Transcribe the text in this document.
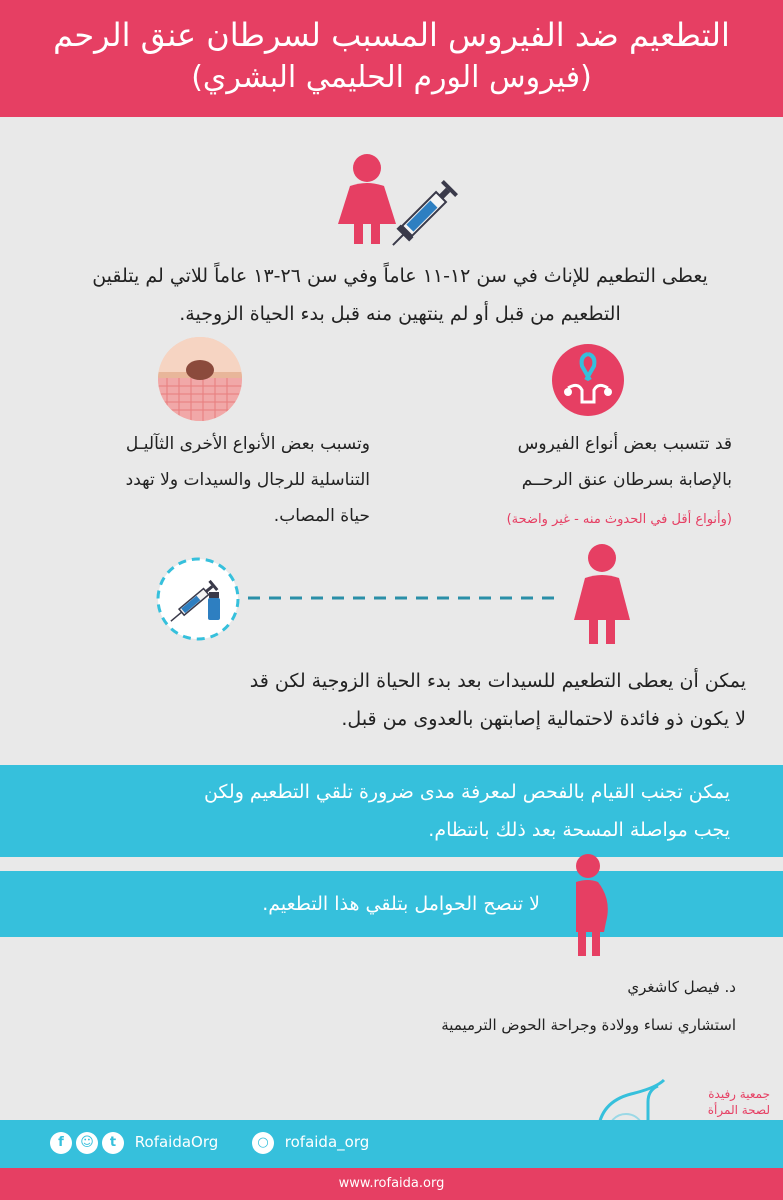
التطعيم ضد الفيروس المسبب لسرطان عنق الرحم
(فيروس الورم الحليمي البشري)
يعطى التطعيم للإناث في سن ١٢-١١ عاماً وفي سن ٢٦-١٣ عاماً للاتي لم يتلقين
التطعيم من قبل أو لم ينتهين منه قبل بدء الحياة الزوجية.
وتسبب بعض الأنواع الأخرى الثآليـل
التناسلية للرجال والسيدات ولا تهدد
حياة المصاب.
قد تتسبب بعض أنواع الفيروس
بالإصابة بسرطان عنق الرحــم
(وأنواع أقل في الحدوث منه - غير واضحة)
يمكن أن يعطى التطعيم للسيدات بعد بدء الحياة الزوجية لكن قد
لا يكون ذو فائدة لاحتمالية إصابتهن بالعدوى من قبل.
يمكن تجنب القيام بالفحص لمعرفة مدى ضرورة تلقي التطعيم ولكن
يجب مواصلة المسحة بعد ذلك بانتظام.
لا تنصح الحوامل بتلقي هذا التطعيم.
د. فيصل كاشغري
استشاري نساء وولادة وجراحة الحوض الترميمية
جمعية رفيدة
لصحة المرأة
f ☺ t RofaidaOrg	○ rofaida_org
www.rofaida.org
